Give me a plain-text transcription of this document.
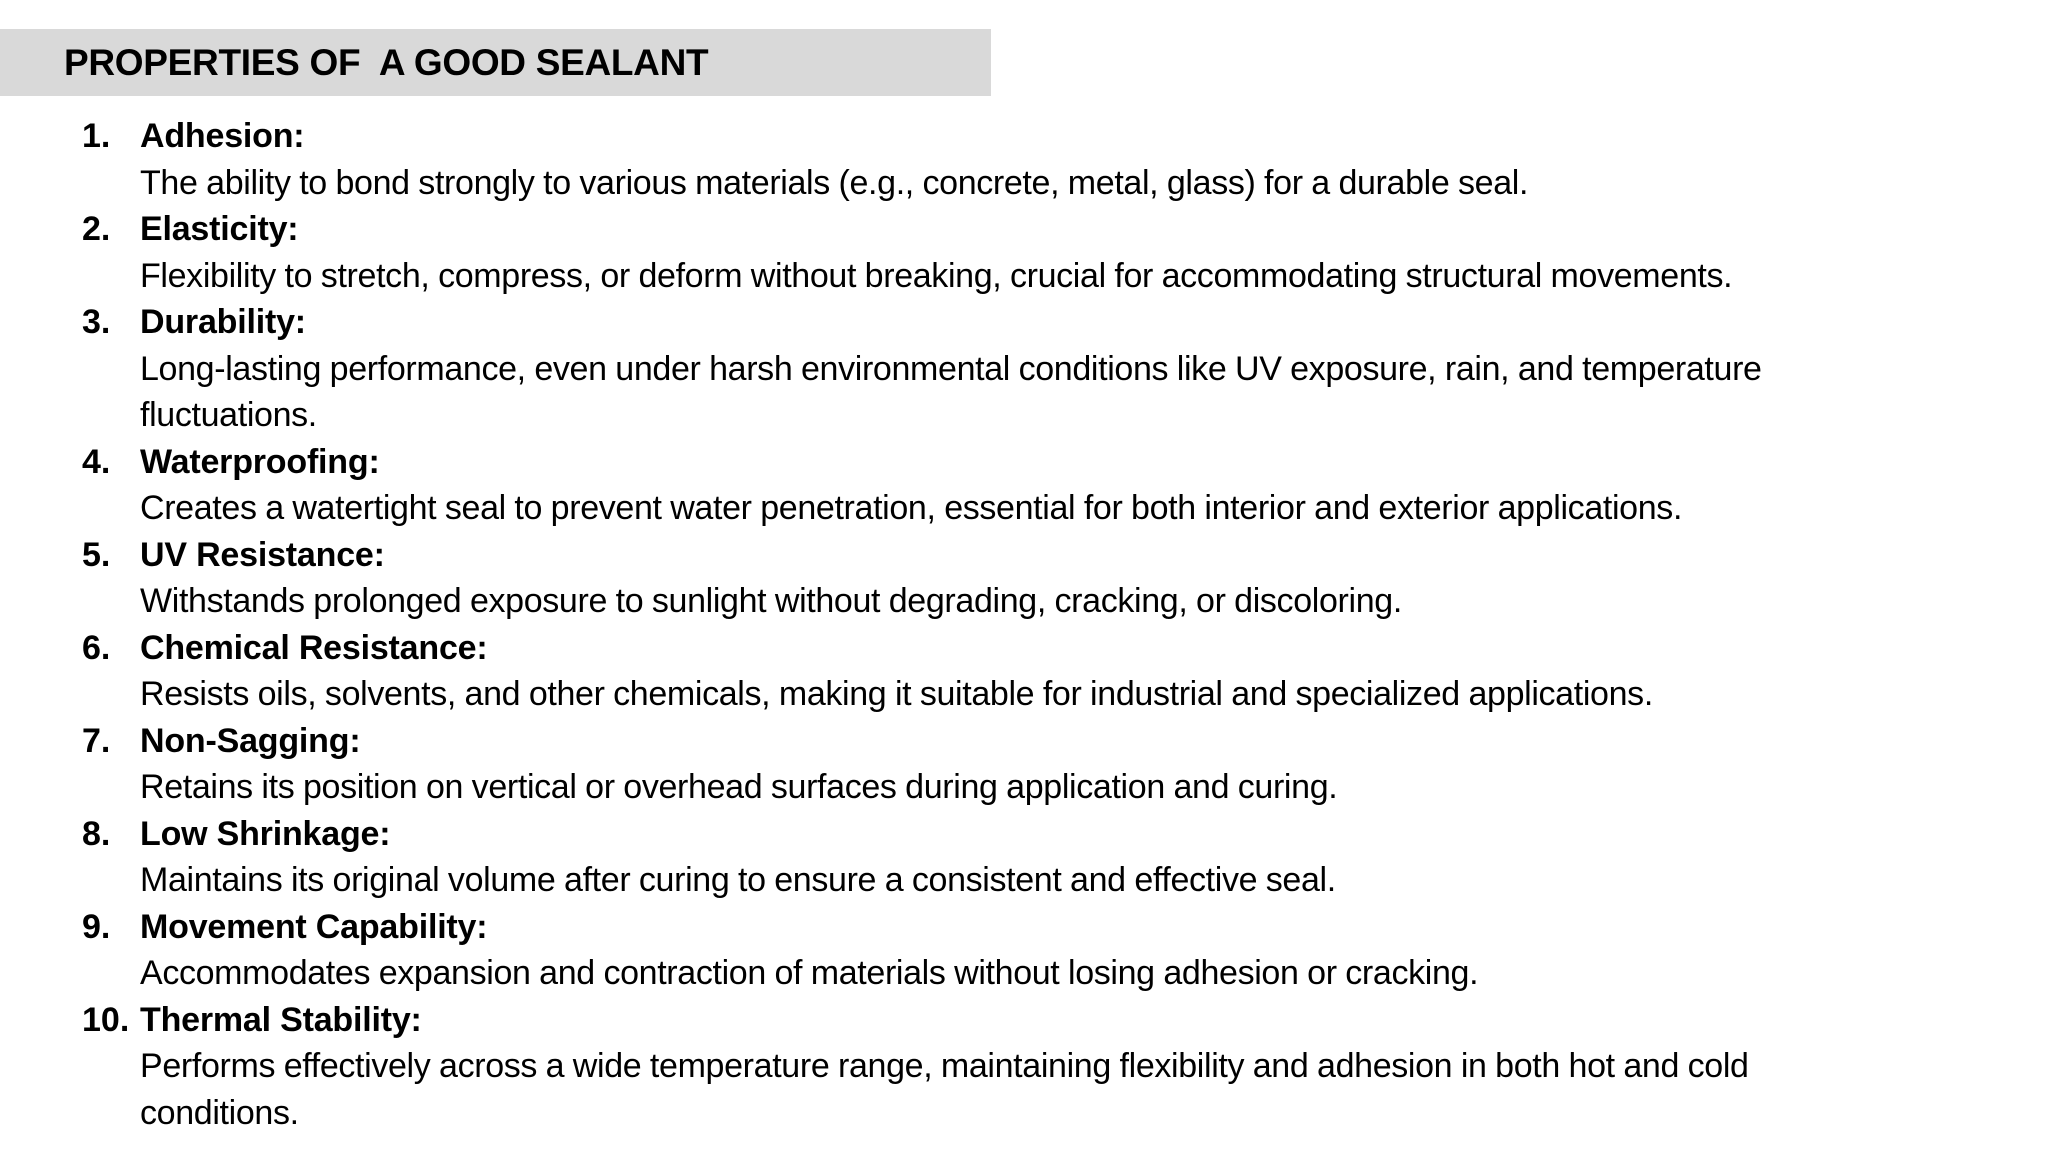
PROPERTIES OF  A GOOD SEALANT
1. Adhesion:
The ability to bond strongly to various materials (e.g., concrete, metal, glass) for a durable seal.
2. Elasticity:
Flexibility to stretch, compress, or deform without breaking, crucial for accommodating structural movements.
3. Durability:
Long-lasting performance, even under harsh environmental conditions like UV exposure, rain, and temperature fluctuations.
4. Waterproofing:
Creates a watertight seal to prevent water penetration, essential for both interior and exterior applications.
5. UV Resistance:
Withstands prolonged exposure to sunlight without degrading, cracking, or discoloring.
6. Chemical Resistance:
Resists oils, solvents, and other chemicals, making it suitable for industrial and specialized applications.
7. Non-Sagging:
Retains its position on vertical or overhead surfaces during application and curing.
8. Low Shrinkage:
Maintains its original volume after curing to ensure a consistent and effective seal.
9. Movement Capability:
Accommodates expansion and contraction of materials without losing adhesion or cracking.
10. Thermal Stability:
Performs effectively across a wide temperature range, maintaining flexibility and adhesion in both hot and cold conditions.
